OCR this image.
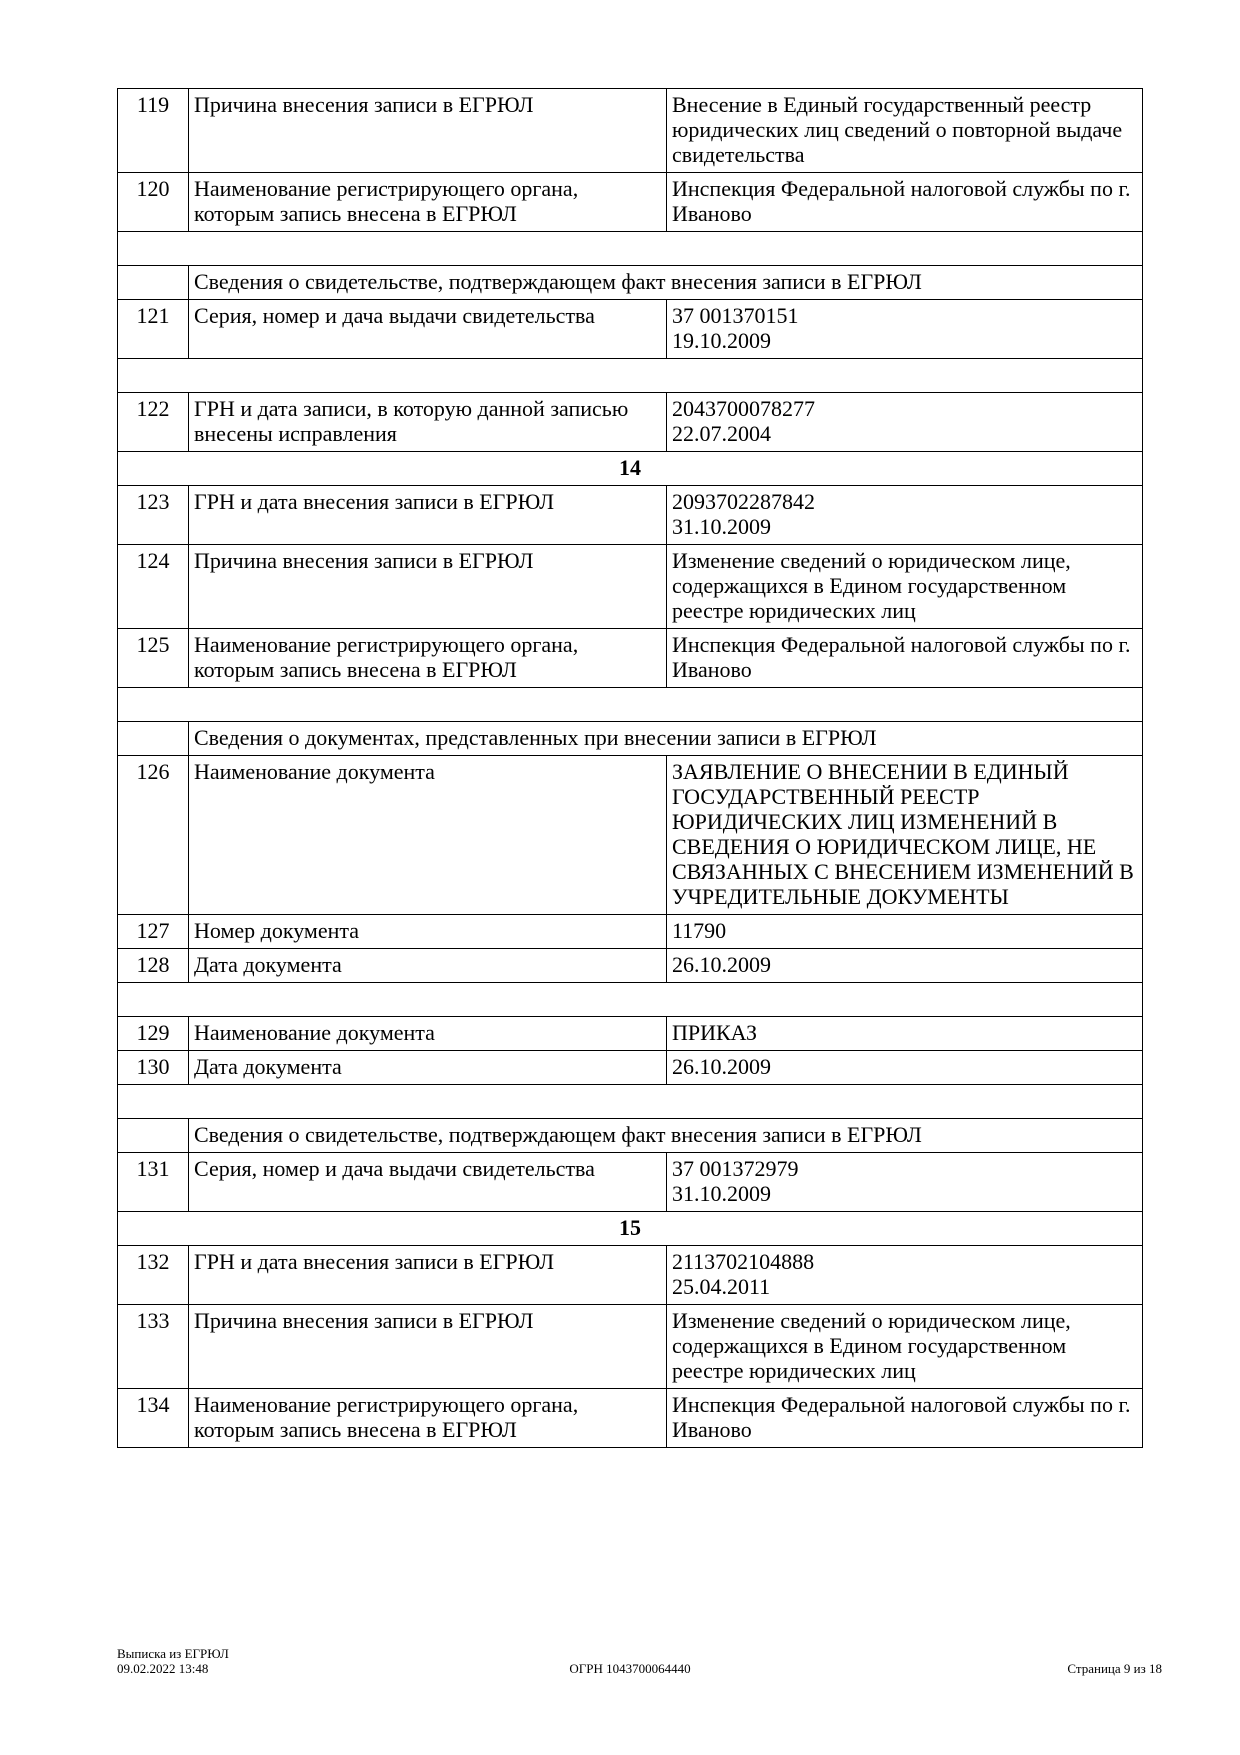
119	Причина внесения записи в ЕГРЮЛ	Внесение в Единый государственный реестр юридических лиц сведений о повторной выдаче свидетельства
120	Наименование регистрирующего органа, которым запись внесена в ЕГРЮЛ	Инспекция Федеральной налоговой службы по г. Иваново

	Сведения о свидетельстве, подтверждающем факт внесения записи в ЕГРЮЛ	
121	Серия, номер и дача выдачи свидетельства	37 001370151
19.10.2009

122	ГРН и дата записи, в которую данной записью внесены исправления	2043700078277
22.07.2004
14		
123	ГРН и дата внесения записи в ЕГРЮЛ	2093702287842
31.10.2009
124	Причина внесения записи в ЕГРЮЛ	Изменение сведений о юридическом лице, содержащихся в Едином государственном реестре юридических лиц
125	Наименование регистрирующего органа, которым запись внесена в ЕГРЮЛ	Инспекция Федеральной налоговой службы по г. Иваново

	Сведения о документах, представленных при внесении записи в ЕГРЮЛ	
126	Наименование документа	ЗАЯВЛЕНИЕ О ВНЕСЕНИИ В ЕДИНЫЙ ГОСУДАРСТВЕННЫЙ РЕЕСТР ЮРИДИЧЕСКИХ ЛИЦ ИЗМЕНЕНИЙ В СВЕДЕНИЯ О ЮРИДИЧЕСКОМ ЛИЦЕ, НЕ СВЯЗАННЫХ С ВНЕСЕНИЕМ ИЗМЕНЕНИЙ В УЧРЕДИТЕЛЬНЫЕ ДОКУМЕНТЫ
127	Номер документа	11790
128	Дата документа	26.10.2009

129	Наименование документа	ПРИКАЗ
130	Дата документа	26.10.2009

	Сведения о свидетельстве, подтверждающем факт внесения записи в ЕГРЮЛ	
131	Серия, номер и дача выдачи свидетельства	37 001372979
31.10.2009
15		
132	ГРН и дата внесения записи в ЕГРЮЛ	2113702104888
25.04.2011
133	Причина внесения записи в ЕГРЮЛ	Изменение сведений о юридическом лице, содержащихся в Едином государственном реестре юридических лиц
134	Наименование регистрирующего органа, которым запись внесена в ЕГРЮЛ	Инспекция Федеральной налоговой службы по г. Иваново
Выписка из ЕГРЮЛ
09.02.2022 13:48	ОГРН 1043700064440	Страница 9 из 18
